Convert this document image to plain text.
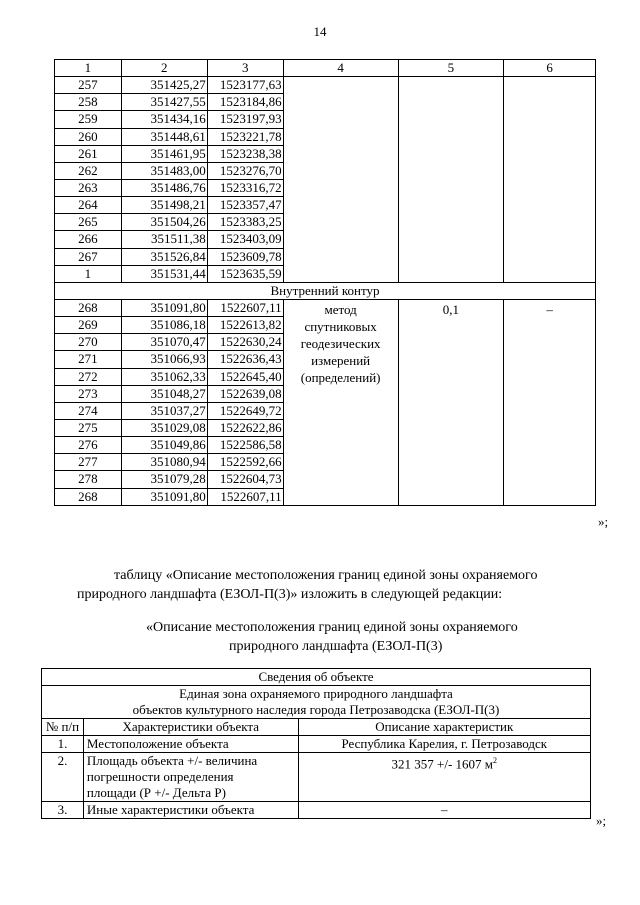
14
1	2	3	4	5	6
257	351425,27	1523177,63			
258	351427,55	1523184,86			
259	351434,16	1523197,93			
260	351448,61	1523221,78			
261	351461,95	1523238,38			
262	351483,00	1523276,70			
263	351486,76	1523316,72			
264	351498,21	1523357,47			
265	351504,26	1523383,25			
266	351511,38	1523403,09			
267	351526,84	1523609,78			
1	351531,44	1523635,59			
Внутренний контур					
268	351091,80	1522607,11	метод спутниковых геодезических измерений (определений)	0,1	–
269	351086,18	1522613,82			
270	351070,47	1522630,24			
271	351066,93	1522636,43			
272	351062,33	1522645,40			
273	351048,27	1522639,08			
274	351037,27	1522649,72			
275	351029,08	1522622,86			
276	351049,86	1522586,58			
277	351080,94	1522592,66			
278	351079,28	1522604,73			
268	351091,80	1522607,11			
»;
таблицу «Описание местоположения границ единой зоны охраняемого
природного ландшафта (ЕЗОЛ-П(3)» изложить в следующей редакции:
«Описание местоположения границ единой зоны охраняемого
природного ландшафта (ЕЗОЛ-П(3)
Сведения об объекте		

Единая зона охраняемого природного ландшафта
объектов культурного наследия города Петрозаводска (ЕЗОЛ-П(3)		

№ п/п	Характеристики объекта	Описание характеристик
1.	Местоположение объекта	Республика Карелия, г. Петрозаводск
2.	Площадь объекта +/- величина погрешности определения площади (Р +/- Дельта Р)	321 357 +/- 1607 $м^2$
3.	Иные характеристики объекта	–
»;
